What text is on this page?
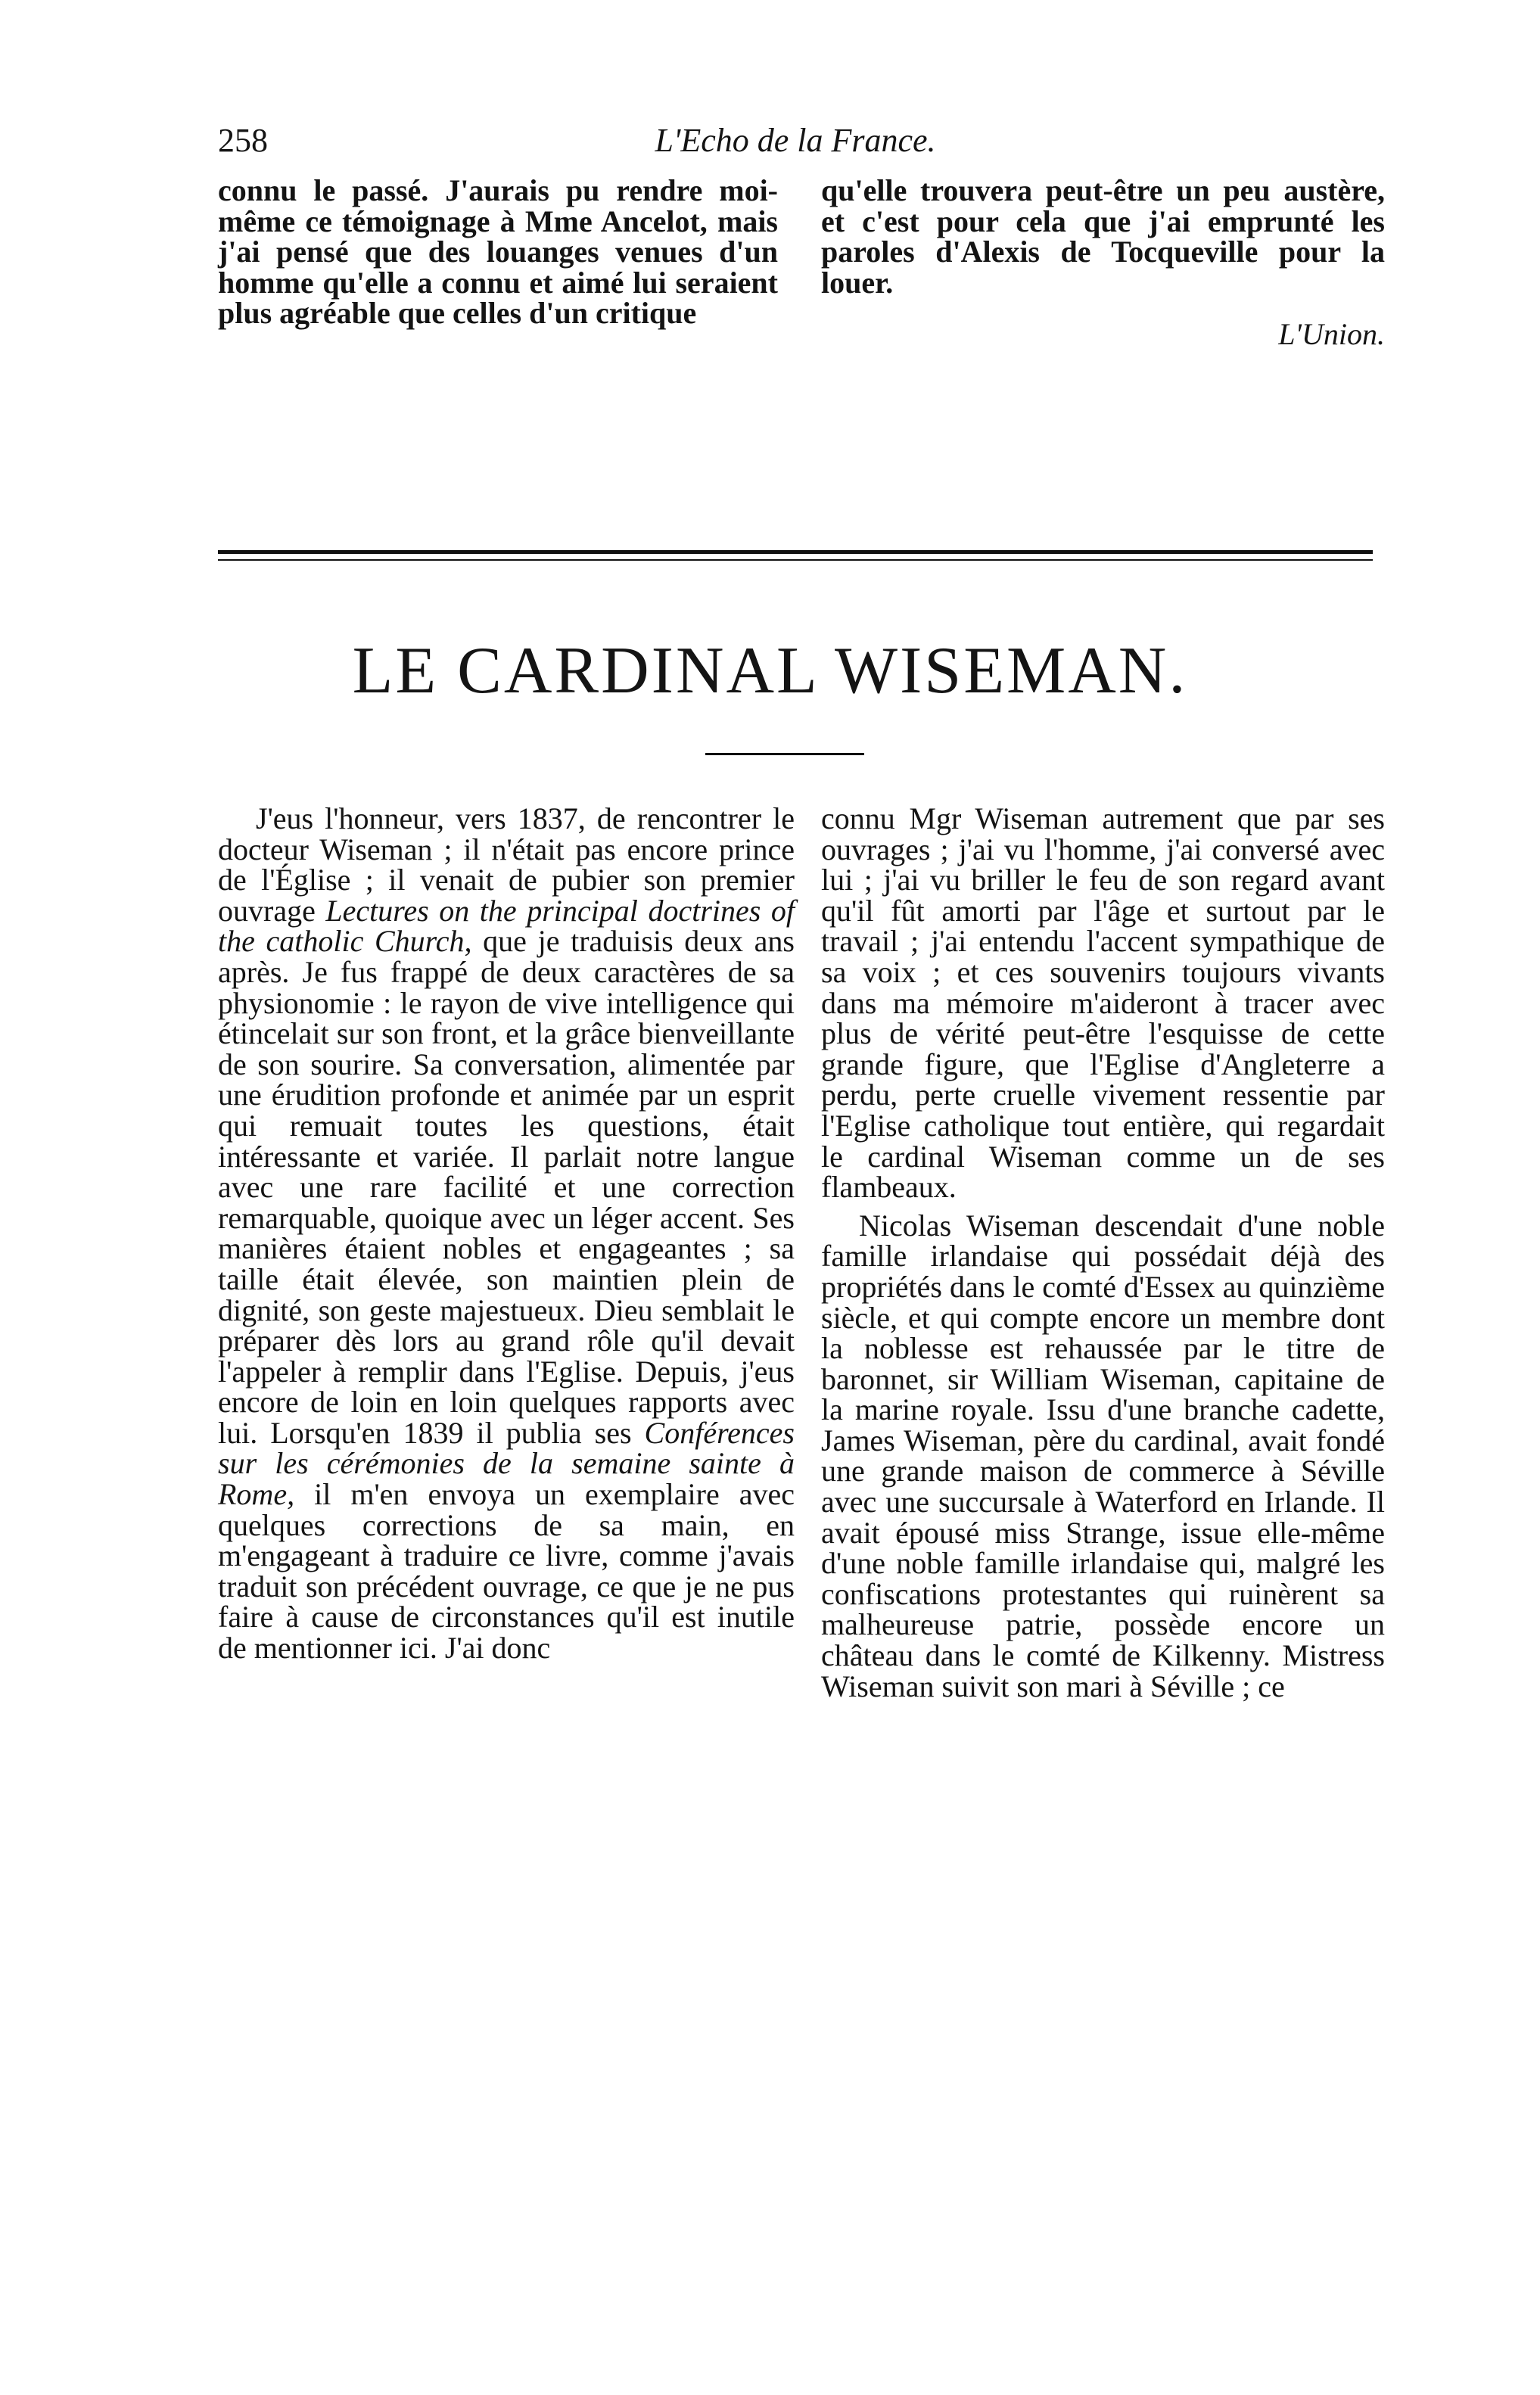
258	L'Echo de la France.

connu le passé. J'aurais pu rendre moi-même ce témoignage à Mme Ancelot, mais j'ai pensé que des louanges venues d'un homme qu'elle a connu et aimé lui seraient plus agréable que celles d'un critique

qu'elle trouvera peut-être un peu austère, et c'est pour cela que j'ai emprunté les paroles d'Alexis de Tocqueville pour la louer.

L'Union.
LE CARDINAL WISEMAN.

J'eus l'honneur, vers 1837, de rencontrer le docteur Wiseman ; il n'était pas encore prince de l'Église ; il venait de pubier son premier ouvrage Lectures on the principal doctrines of the catholic Church, que je traduisis deux ans après. Je fus frappé de deux caractères de sa physionomie : le rayon de vive intelligence qui étincelait sur son front, et la grâce bienveillante de son sourire. Sa conversation, alimentée par une érudition profonde et animée par un esprit qui remuait toutes les questions, était intéressante et variée. Il parlait notre langue avec une rare facilité et une correction remarquable, quoique avec un léger accent. Ses manières étaient nobles et engageantes ; sa taille était élevée, son maintien plein de dignité, son geste majestueux. Dieu semblait le préparer dès lors au grand rôle qu'il devait l'appeler à remplir dans l'Eglise. Depuis, j'eus encore de loin en loin quelques rapports avec lui. Lorsqu'en 1839 il publia ses Conférences sur les cérémonies de la semaine sainte à Rome, il m'en envoya un exemplaire avec quelques corrections de sa main, en m'engageant à traduire ce livre, comme j'avais traduit son précédent ouvrage, ce que je ne pus faire à cause de circonstances qu'il est inutile de mentionner ici. J'ai donc

connu Mgr Wiseman autrement que par ses ouvrages ; j'ai vu l'homme, j'ai conversé avec lui ; j'ai vu briller le feu de son regard avant qu'il fût amorti par l'âge et surtout par le travail ; j'ai entendu l'accent sympathique de sa voix ; et ces souvenirs toujours vivants dans ma mémoire m'aideront à tracer avec plus de vérité peut-être l'esquisse de cette grande figure, que l'Eglise d'Angleterre a perdu, perte cruelle vivement ressentie par l'Eglise catholique tout entière, qui regardait le cardinal Wiseman comme un de ses flambeaux.

Nicolas Wiseman descendait d'une noble famille irlandaise qui possédait déjà des propriétés dans le comté d'Essex au quinzième siècle, et qui compte encore un membre dont la noblesse est rehaussée par le titre de baronnet, sir William Wiseman, capitaine de la marine royale. Issu d'une branche cadette, James Wiseman, père du cardinal, avait fondé une grande maison de commerce à Séville avec une succursale à Waterford en Irlande. Il avait épousé miss Strange, issue elle-même d'une noble famille irlandaise qui, malgré les confiscations protestantes qui ruinèrent sa malheureuse patrie, possède encore un château dans le comté de Kilkenny. Mistress Wiseman suivit son mari à Séville ; ce
